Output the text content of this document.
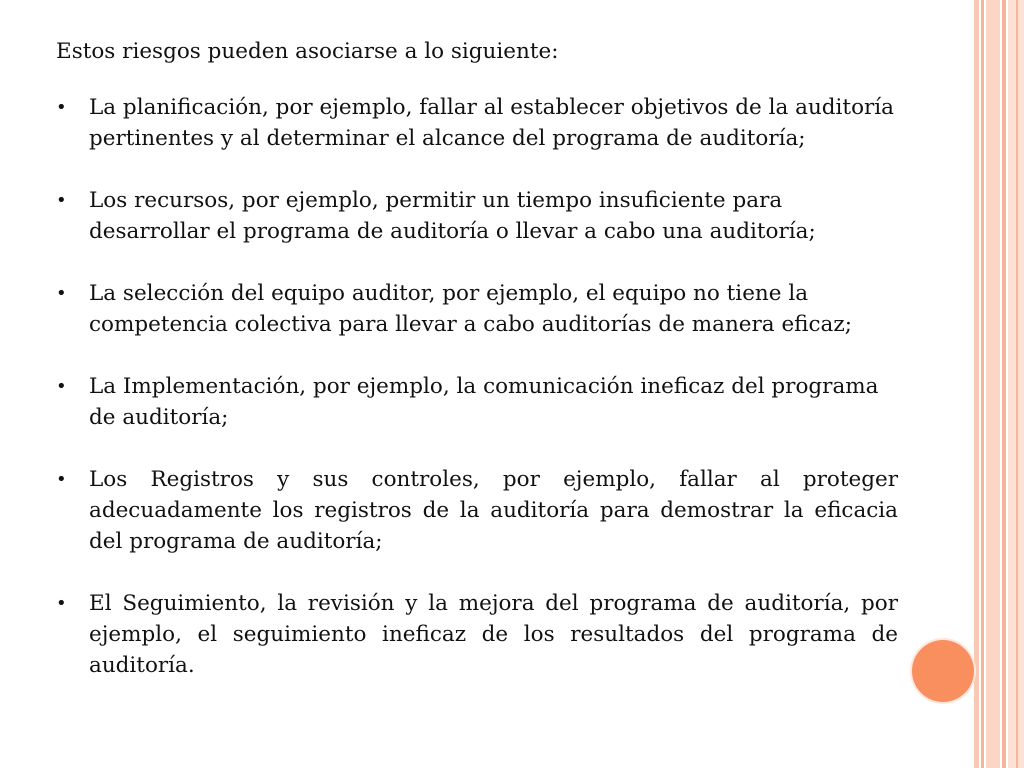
Estos riesgos pueden asociarse a lo siguiente:

• La planificación, por ejemplo, fallar al establecer objetivos de la auditoría pertinentes y al determinar el alcance del programa de auditoría;
• Los recursos, por ejemplo, permitir un tiempo insuficiente para desarrollar el programa de auditoría o llevar a cabo una auditoría;
• La selección del equipo auditor, por ejemplo, el equipo no tiene la competencia colectiva para llevar a cabo auditorías de manera eficaz;
• La Implementación, por ejemplo, la comunicación ineficaz del programa de auditoría;
• Los Registros y sus controles, por ejemplo, fallar al proteger adecuadamente los registros de la auditoría para demostrar la eficacia del programa de auditoría;
• El Seguimiento, la revisión y la mejora del programa de auditoría, por ejemplo, el seguimiento ineficaz de los resultados del programa de auditoría.
